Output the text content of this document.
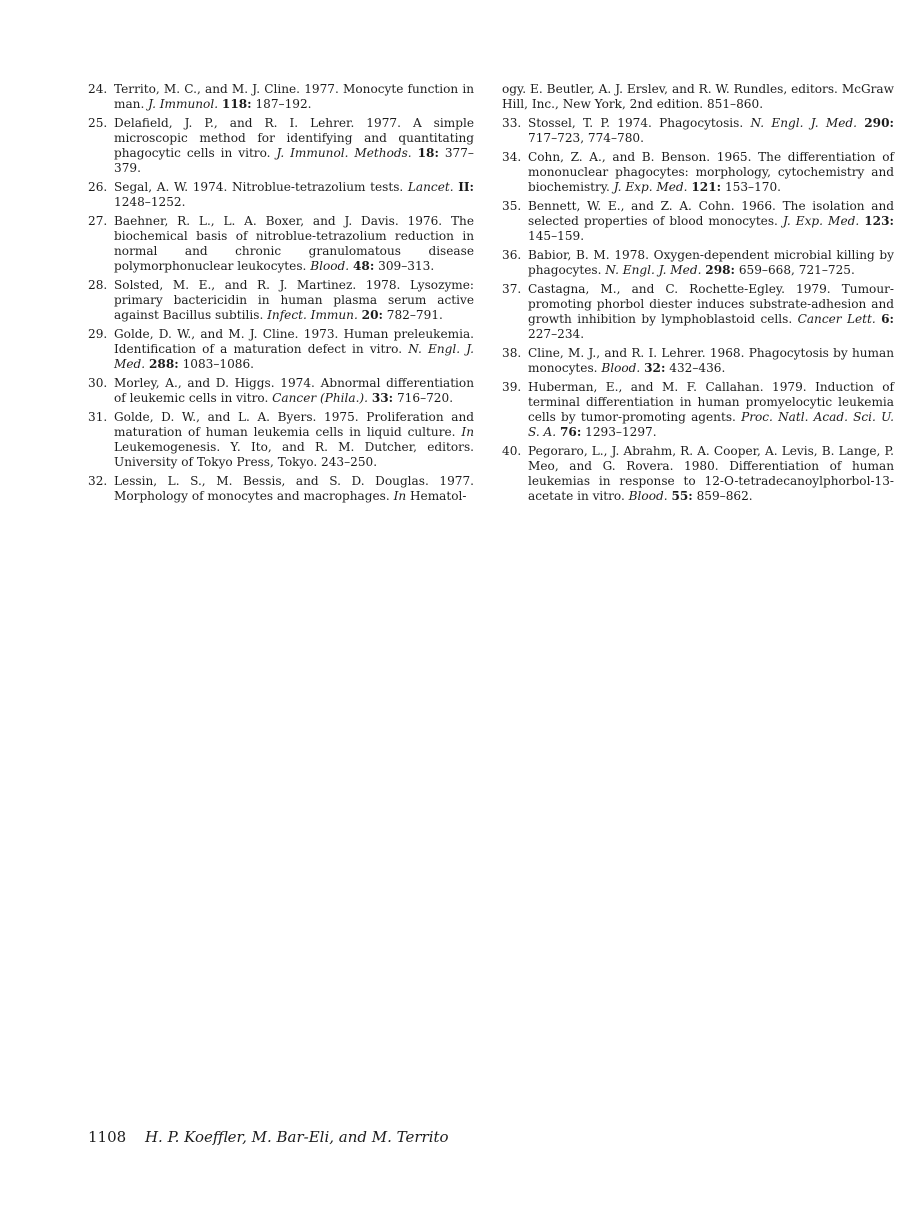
24. Territo, M. C., and M. J. Cline. 1977. Monocyte function in man. J. Immunol. 118: 187–192.
25. Delafield, J. P., and R. I. Lehrer. 1977. A simple microscopic method for identifying and quantitating phagocytic cells in vitro. J. Immunol. Methods. 18: 377–379.
26. Segal, A. W. 1974. Nitroblue-tetrazolium tests. Lancet. II: 1248–1252.
27. Baehner, R. L., L. A. Boxer, and J. Davis. 1976. The biochemical basis of nitroblue-tetrazolium reduction in normal and chronic granulomatous disease polymorphonuclear leukocytes. Blood. 48: 309–313.
28. Solsted, M. E., and R. J. Martinez. 1978. Lysozyme: primary bactericidin in human plasma serum active against Bacillus subtilis. Infect. Immun. 20: 782–791.
29. Golde, D. W., and M. J. Cline. 1973. Human preleukemia. Identification of a maturation defect in vitro. N. Engl. J. Med. 288: 1083–1086.
30. Morley, A., and D. Higgs. 1974. Abnormal differentiation of leukemic cells in vitro. Cancer (Phila.). 33: 716–720.
31. Golde, D. W., and L. A. Byers. 1975. Proliferation and maturation of human leukemia cells in liquid culture. In Leukemogenesis. Y. Ito, and R. M. Dutcher, editors. University of Tokyo Press, Tokyo. 243–250.
32. Lessin, L. S., M. Bessis, and S. D. Douglas. 1977. Morphology of monocytes and macrophages. In Hematol-
ogy. E. Beutler, A. J. Erslev, and R. W. Rundles, editors. McGraw Hill, Inc., New York, 2nd edition. 851–860.
33. Stossel, T. P. 1974. Phagocytosis. N. Engl. J. Med. 290: 717–723, 774–780.
34. Cohn, Z. A., and B. Benson. 1965. The differentiation of mononuclear phagocytes: morphology, cytochemistry and biochemistry. J. Exp. Med. 121: 153–170.
35. Bennett, W. E., and Z. A. Cohn. 1966. The isolation and selected properties of blood monocytes. J. Exp. Med. 123: 145–159.
36. Babior, B. M. 1978. Oxygen-dependent microbial killing by phagocytes. N. Engl. J. Med. 298: 659–668, 721–725.
37. Castagna, M., and C. Rochette-Egley. 1979. Tumour-promoting phorbol diester induces substrate-adhesion and growth inhibition by lymphoblastoid cells. Cancer Lett. 6: 227–234.
38. Cline, M. J., and R. I. Lehrer. 1968. Phagocytosis by human monocytes. Blood. 32: 432–436.
39. Huberman, E., and M. F. Callahan. 1979. Induction of terminal differentiation in human promyelocytic leukemia cells by tumor-promoting agents. Proc. Natl. Acad. Sci. U. S. A. 76: 1293–1297.
40. Pegoraro, L., J. Abrahm, R. A. Cooper, A. Levis, B. Lange, P. Meo, and G. Rovera. 1980. Differentiation of human leukemias in response to 12-O-tetradecanoylphorbol-13-acetate in vitro. Blood. 55: 859–862.
1108 H. P. Koeffler, M. Bar-Eli, and M. Territo
